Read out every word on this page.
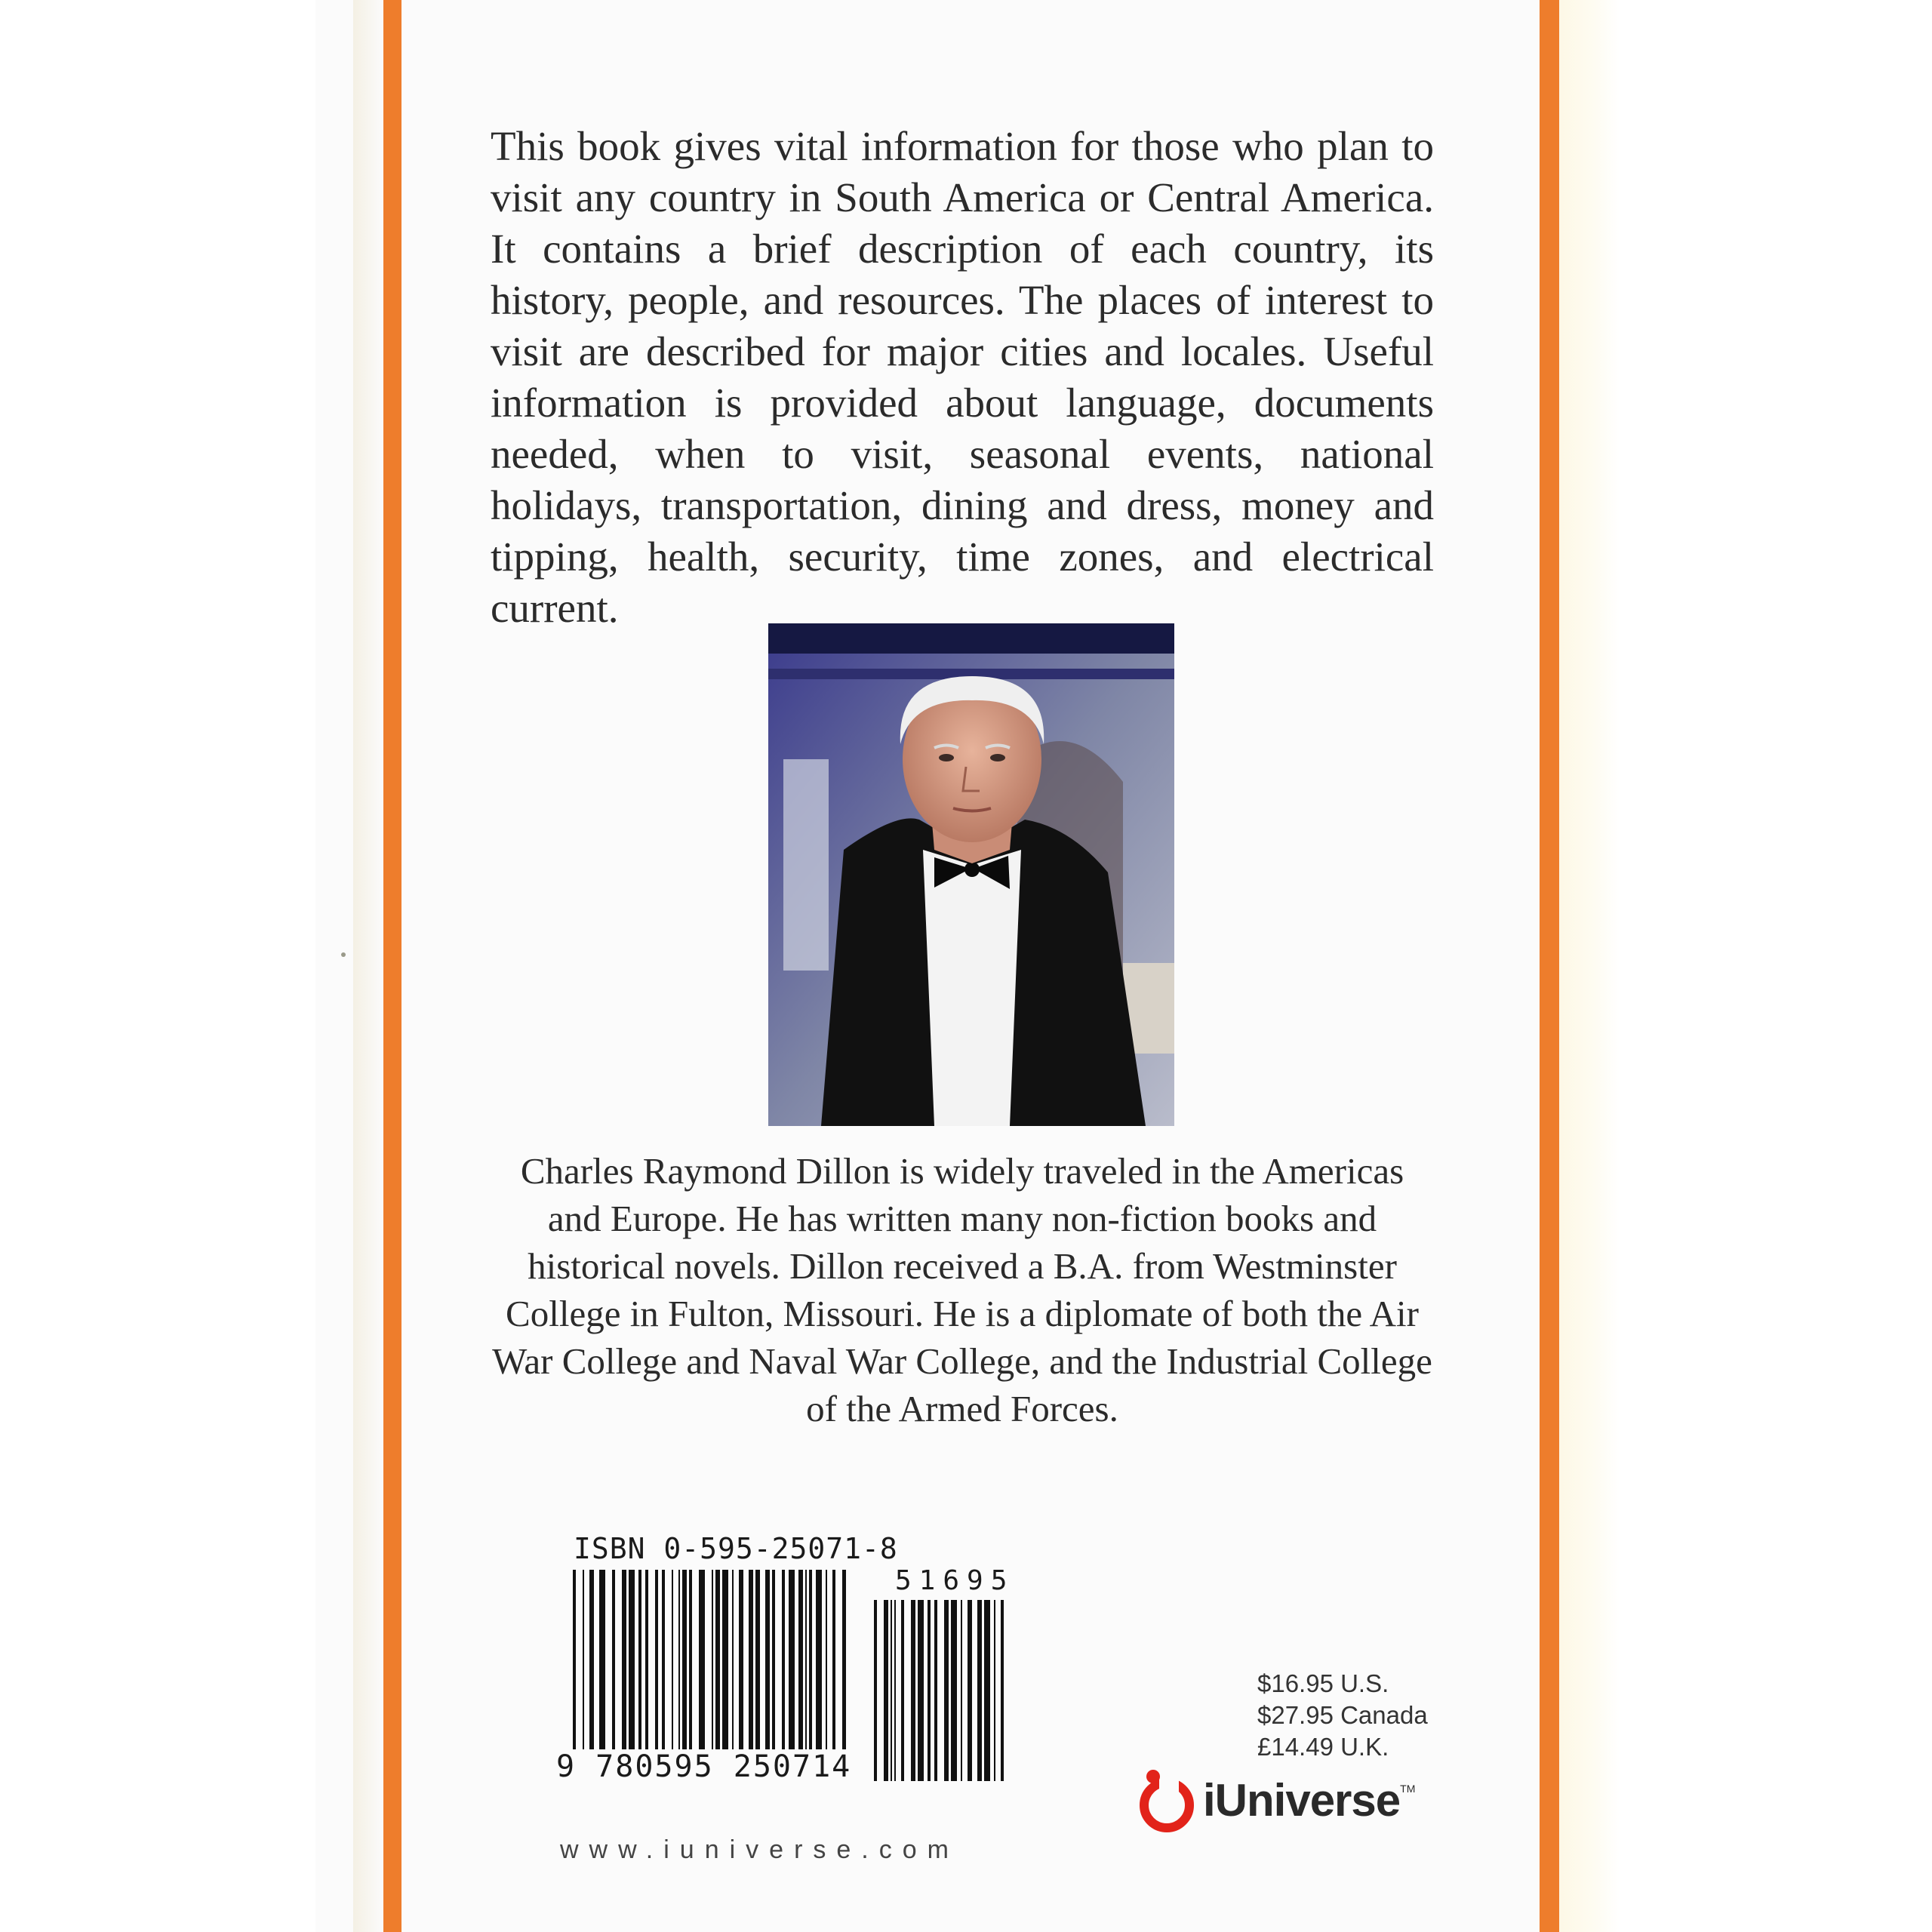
This book gives vital information for those who plan to visit any country in South America or Central America. It contains a brief description of each country, its history, people, and resources. The places of interest to visit are described for major cities and locales. Useful information is provided about language, documents needed, when to visit, seasonal events, national holidays, transportation, dining and dress, money and tipping, health, security, time zones, and electrical current.

Charles Raymond Dillon is widely traveled in the Americas and Europe. He has written many non-fiction books and historical novels. Dillon received a B.A. from Westminster College in Fulton, Missouri. He is a diplomate of both the Air War College and Naval War College, and the Industrial College of the Armed Forces.

ISBN 0-595-25071-8
51695
9 780595 250714
$16.95 U.S.
$27.95 Canada
£14.49 U.K.
iUniverse TM
www.iuniverse.com
